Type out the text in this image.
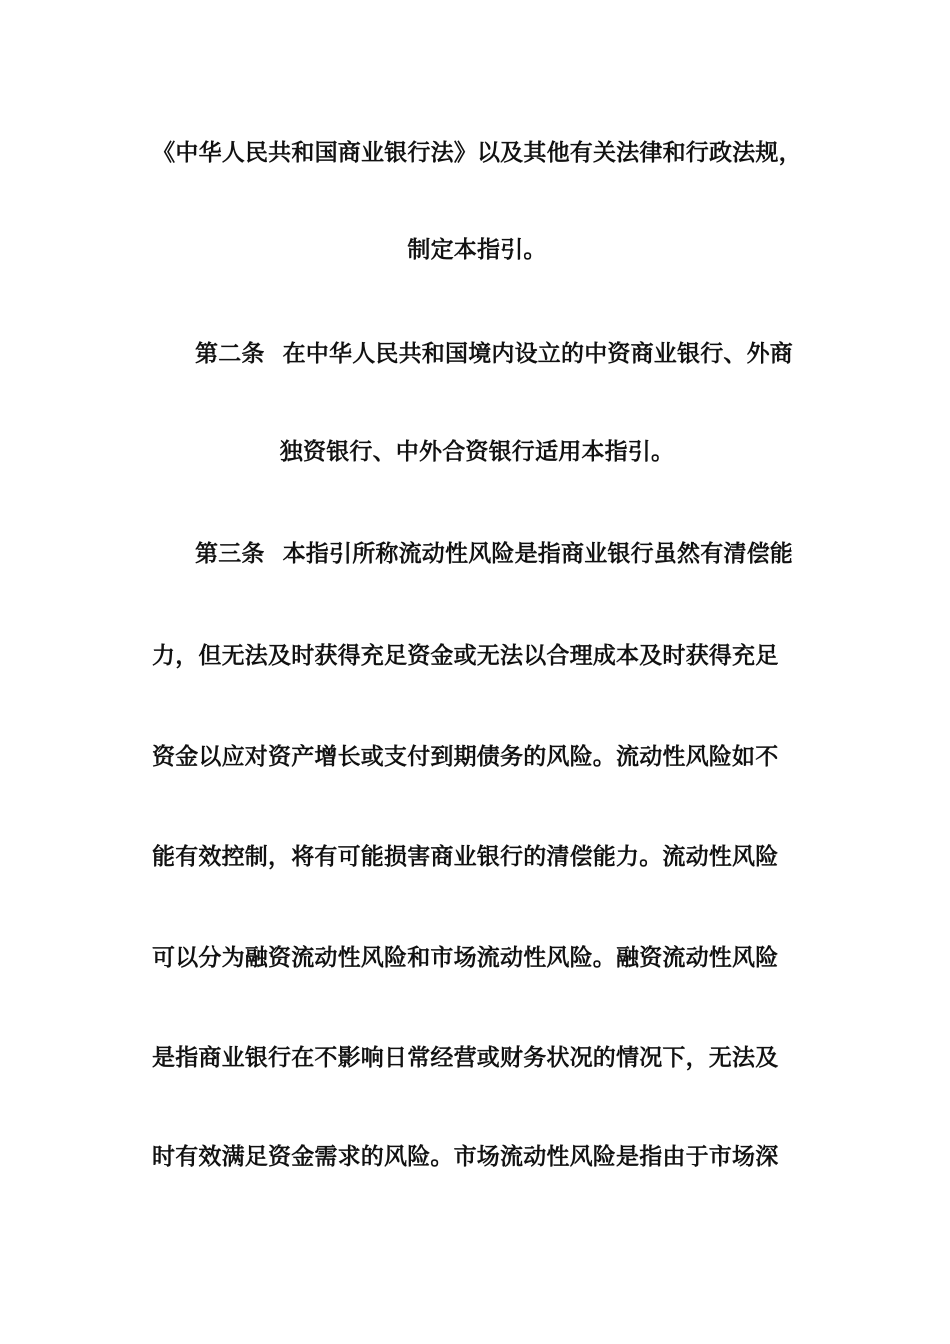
《中华人民共和国商业银行法》以及其他有关法律和行政法规，
制定本指引。
第二条 在中华人民共和国境内设立的中资商业银行、外商
独资银行、中外合资银行适用本指引。
第三条 本指引所称流动性风险是指商业银行虽然有清偿能
力，但无法及时获得充足资金或无法以合理成本及时获得充足
资金以应对资产增长或支付到期债务的风险。流动性风险如不
能有效控制，将有可能损害商业银行的清偿能力。流动性风险
可以分为融资流动性风险和市场流动性风险。融资流动性风险
是指商业银行在不影响日常经营或财务状况的情况下，无法及
时有效满足资金需求的风险。市场流动性风险是指由于市场深
